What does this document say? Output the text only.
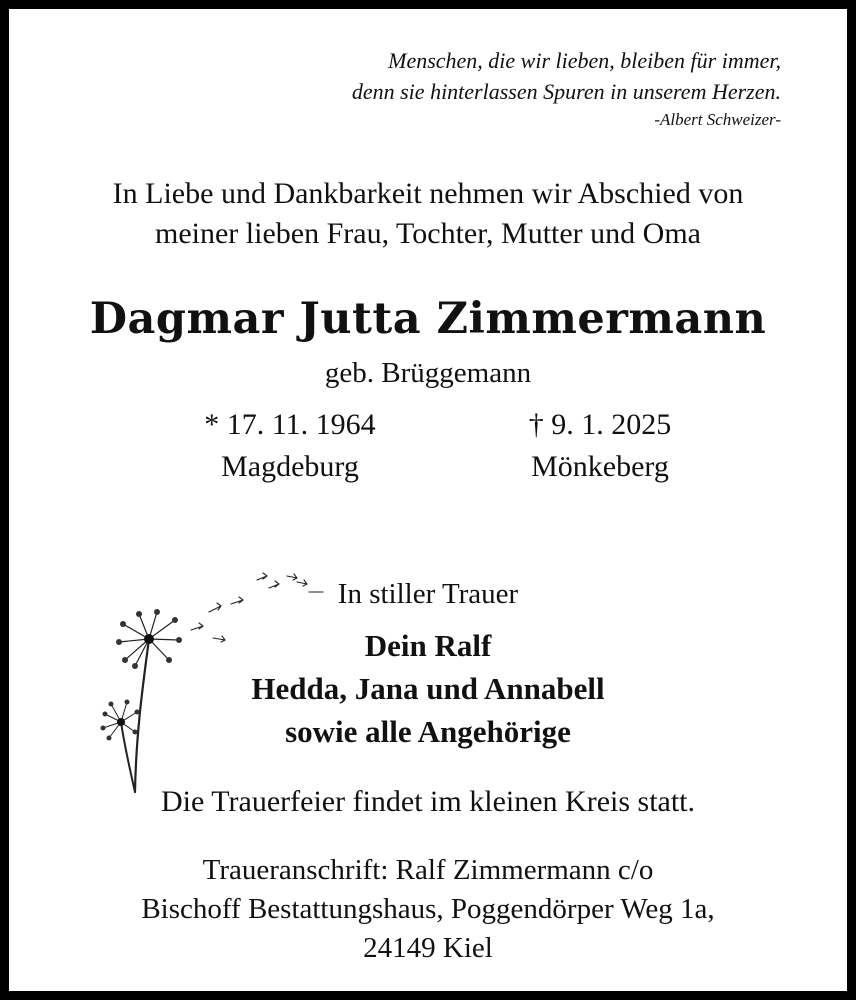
Menschen, die wir lieben, bleiben für immer,
denn sie hinterlassen Spuren in unserem Herzen.
-Albert Schweizer-
In Liebe und Dankbarkeit nehmen wir Abschied von
meiner lieben Frau, Tochter, Mutter und Oma
Dagmar Jutta Zimmermann
geb. Brüggemann
* 17. 11. 1964
Magdeburg
† 9. 1. 2025
Mönkeberg
In stiller Trauer
Dein Ralf
Hedda, Jana und Annabell
sowie alle Angehörige
Die Trauerfeier findet im kleinen Kreis statt.
Traueranschrift: Ralf Zimmermann c/o
Bischoff Bestattungshaus, Poggendörper Weg 1a,
24149 Kiel
